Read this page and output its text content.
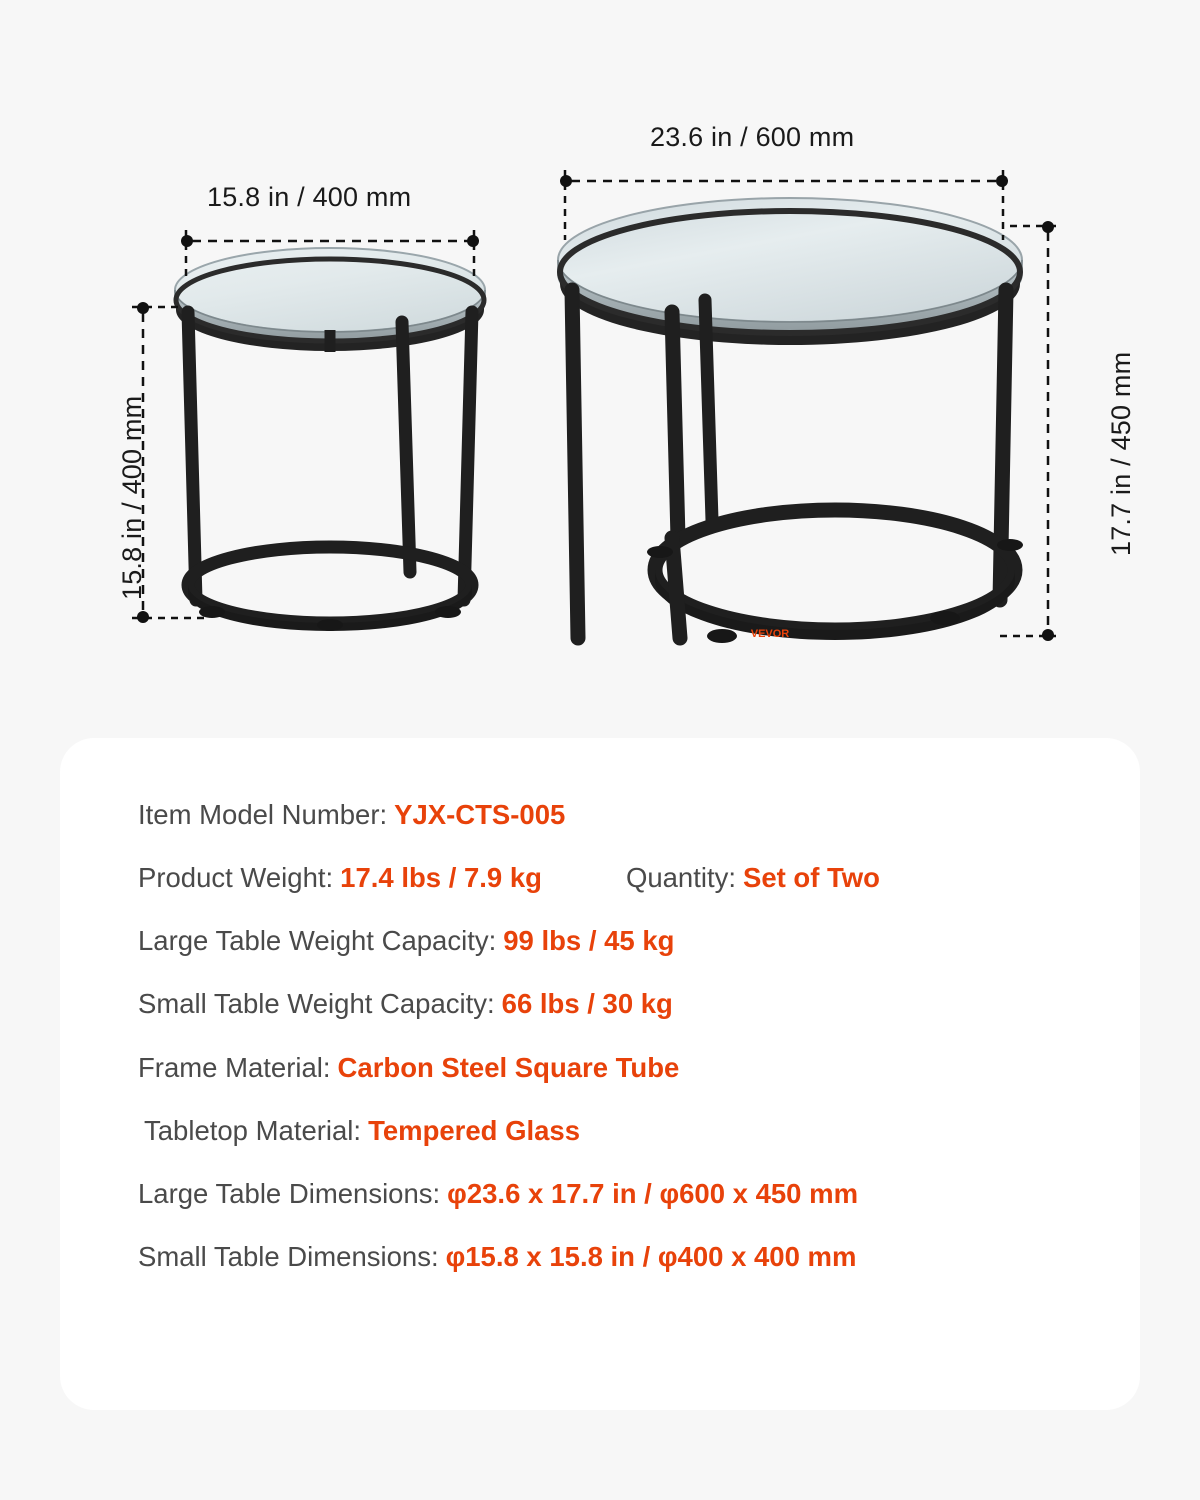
VEVOR
15.8 in / 400 mm
15.8 in / 400 mm
23.6 in / 600 mm
17.7 in / 450 mm
Item Model Number: YJX-CTS-005
Product Weight: 17.4 lbs / 7.9 kg	Quantity: Set of Two
Large Table Weight Capacity: 99 lbs / 45 kg
Small Table Weight Capacity: 66 lbs / 30 kg
Frame Material: Carbon Steel Square Tube
Tabletop Material: Tempered Glass
Large Table Dimensions: φ23.6 x 17.7 in / φ600 x 450 mm
Small Table Dimensions: φ15.8 x 15.8 in / φ400 x 400 mm
